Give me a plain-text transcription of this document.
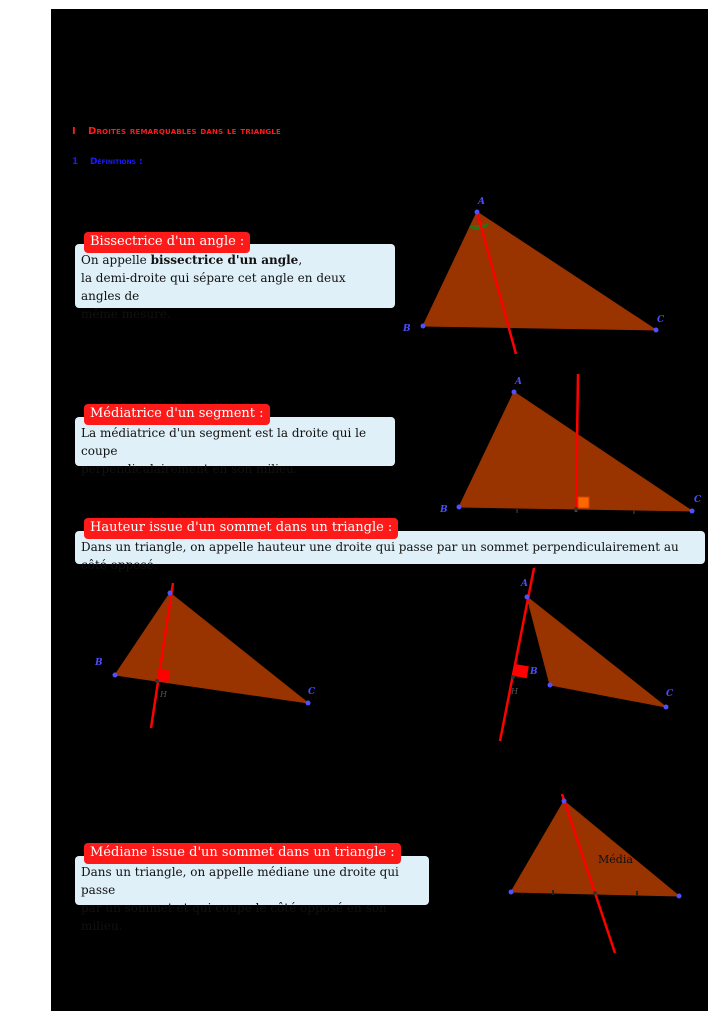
I Droites remarquables dans le triangle
1 Définitions :
On appelle bissectrice d'un angle,
la demi-droite qui sépare cet angle en deux angles de
même mesure.
Bissectrice d'un angle :
La médiatrice d'un segment est la droite qui le coupe
perpendiculairement en son milieu.
Médiatrice d'un segment :
Dans un triangle, on appelle hauteur une droite qui passe par un sommet perpendiculairement au côté opposé.
Hauteur issue d'un sommet dans un triangle :
Dans un triangle, on appelle médiane une droite qui passe
par un sommet et qui coupe le côté opposé en son milieu.
Médiane issue d'un sommet dans un triangle :
A
B
C
A
B
C
B
C
H
A
B
C
H
Média
